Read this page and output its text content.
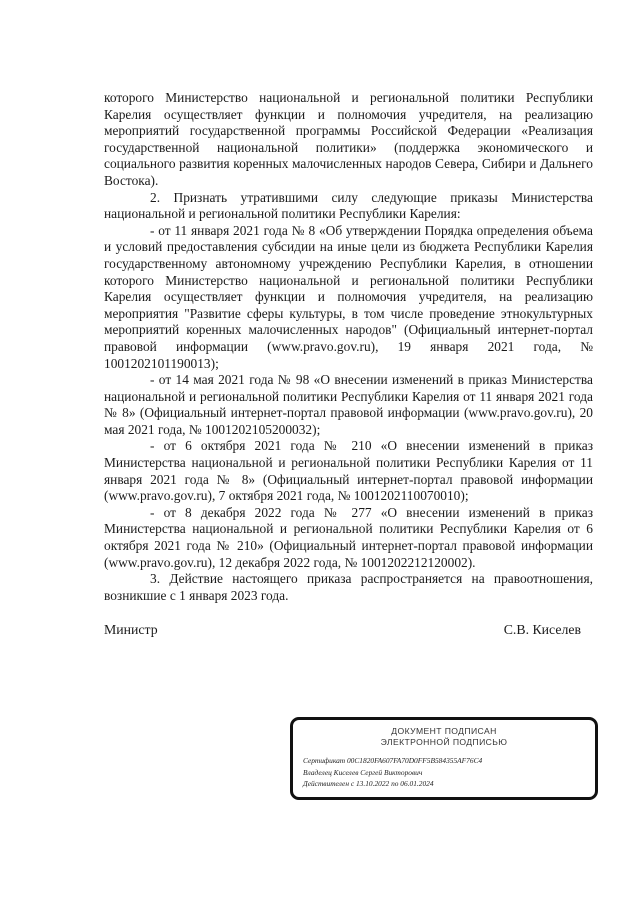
которого Министерство национальной и региональной политики Республики Карелия осуществляет функции и полномочия учредителя, на реализацию мероприятий государственной программы Российской Федерации «Реализация государственной национальной политики» (поддержка экономического и социального развития коренных малочисленных народов Севера, Сибири и Дальнего Востока).

2. Признать утратившими силу следующие приказы Министерства национальной и региональной политики Республики Карелия:

- от 11 января 2021 года № 8 «Об утверждении Порядка определения объема и условий предоставления субсидии на иные цели из бюджета Республики Карелия государственному автономному учреждению Республики Карелия, в отношении которого Министерство национальной и региональной политики Республики Карелия осуществляет функции и полномочия учредителя, на реализацию мероприятия "Развитие сферы культуры, в том числе проведение этнокультурных мероприятий коренных малочисленных народов" (Официальный интернет-портал правовой информации (www.pravo.gov.ru), 19 января 2021 года, № 1001202101190013);

- от 14 мая 2021 года № 98 «О внесении изменений в приказ Министерства национальной и региональной политики Республики Карелия от 11 января 2021 года № 8» (Официальный интернет-портал правовой информации (www.pravo.gov.ru), 20 мая 2021 года, № 1001202105200032);

- от 6 октября 2021 года № 210 «О внесении изменений в приказ Министерства национальной и региональной политики Республики Карелия от 11 января 2021 года № 8» (Официальный интернет-портал правовой информации (www.pravo.gov.ru), 7 октября 2021 года, № 1001202110070010);

- от 8 декабря 2022 года № 277 «О внесении изменений в приказ Министерства национальной и региональной политики Республики Карелия от 6 октября 2021 года № 210» (Официальный интернет-портал правовой информации (www.pravo.gov.ru), 12 декабря 2022 года, № 1001202212120002).

3. Действие настоящего приказа распространяется на правоотношения, возникшие с 1 января 2023 года.

Министр	С.В. Киселев
ДОКУМЕНТ ПОДПИСАН
ЭЛЕКТРОННОЙ ПОДПИСЬЮ
Сертификат 00C1820FA607FA70D0FF5B584355AF76C4
Владелец Киселев Сергей Викторович
Действителен с 13.10.2022 по 06.01.2024
